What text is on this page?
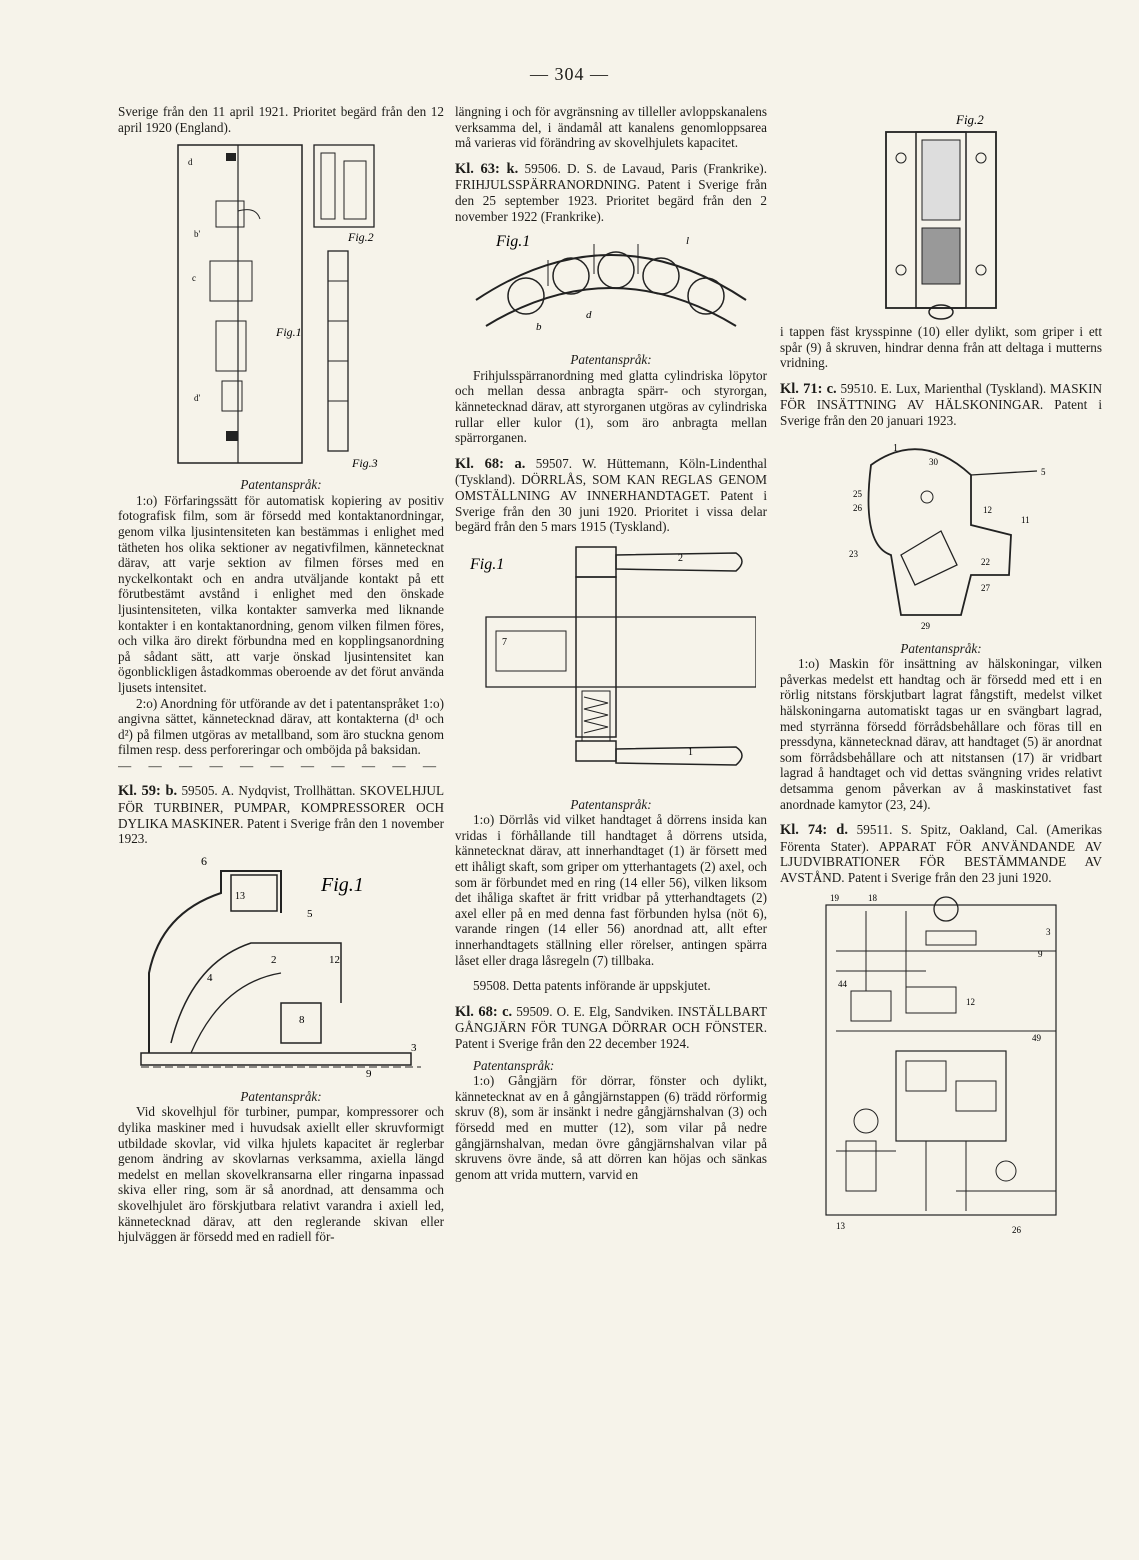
— 304 —

Sverige från den 11 april 1921. Prioritet begärd från den 12 april 1920 (England).

d
b'
c
d'
Fig.2
Fig.1
Fig.3

Patentanspråk:

1:o) Förfaringssätt för automatisk kopiering av positiv fotografisk film, som är försedd med kontaktanordningar, genom vilka ljusintensiteten kan bestämmas i enlighet med tätheten hos olika sektioner av negativfilmen, kännetecknat därav, att varje sektion av filmen förses med en nyckelkontakt och en andra utväljande kontakt på ett förutbestämt avstånd i enlighet med den önskade ljusintensiteten, vilka kontakter samverka med liknande kontakter i en kontaktanordning, genom vilken filmen föres, och vilka äro direkt förbundna med en kopplingsanordning på sådant sätt, att varje önskad ljusintensitet kan ögonblickligen åstadkommas oberoende av det förut använda ljusets intensitet.

2:o) Anordning för utförande av det i patentanspråket 1:o) angivna sättet, kännetecknad därav, att kontakterna (d¹ och d²) på filmen utgöras av metallband, som äro stuckna genom filmen resp. dess perforeringar och omböjda på baksidan.

— — — — — — — — — — —

Kl. 59: b. 59505. A. Nydqvist, Trollhättan. SKOVELHJUL FÖR TURBINER, PUMPAR, KOMPRESSORER OCH DYLIKA MASKINER. Patent i Sverige från den 1 november 1923.

6
13
5
2
4
12
8
9
3
Fig.1

Patentanspråk:

Vid skovelhjul för turbiner, pumpar, kompressorer och dylika maskiner med i huvudsak axiellt eller skruvformigt utbildade skovlar, vid vilka hjulets kapacitet är reglerbar genom ändring av skovlarnas verksamma, axiella längd medelst en mellan skovelkransarna eller ringarna inpassad skiva eller ring, som är så anordnad, att densamma och skovelhjulet äro förskjutbara relativt varandra i axiell led, kännetecknad därav, att den reglerande skivan eller hjulväggen är försedd med en radiell för-

längning i och för avgränsning av tilleller avloppskanalens verksamma del, i ändamål att kanalens genomloppsarea må varieras vid förändring av skovelhjulets kapacitet.

Kl. 63: k. 59506. D. S. de Lavaud, Paris (Frankrike). FRIHJULSSPÄRRANORDNING. Patent i Sverige från den 25 september 1923. Prioritet begärd från den 2 november 1922 (Frankrike).

Fig.1
b
d
l

Patentanspråk:

Frihjulsspärranordning med glatta cylindriska löpytor och mellan dessa anbragta spärr- och styrorgan, kännetecknad därav, att styrorganen utgöras av cylindriska rullar eller kulor (1), som äro anbragta mellan spärrorganen.

Kl. 68: a. 59507. W. Hüttemann, Köln-Lindenthal (Tyskland). DÖRRLÅS, SOM KAN REGLAS GENOM OMSTÄLLNING AV INNERHANDTAGET. Patent i Sverige från den 30 juni 1920. Prioritet i vissa delar begärd från den 5 mars 1915 (Tyskland).

Fig.1
7
1
2

Patentanspråk:

1:o) Dörrlås vid vilket handtaget å dörrens insida kan vridas i förhållande till handtaget å dörrens utsida, kännetecknat därav, att innerhandtaget (1) är försett med ett ihåligt skaft, som griper om ytterhantagets (2) axel, och som är förbundet med en ring (14 eller 56), vilken liksom det ihåliga skaftet är fritt vridbar på ytterhandtagets (2) axel eller på en med denna fast förbunden hylsa (nöt 6), varande ringen (14 eller 56) anordnad att, allt efter innerhandtagets ställning eller rörelser, antingen spärra låset eller draga låsregeln (7) tillbaka.

59508. Detta patents införande är uppskjutet.

Kl. 68: c. 59509. O. E. Elg, Sandviken. INSTÄLLBART GÅNGJÄRN FÖR TUNGA DÖRRAR OCH FÖNSTER. Patent i Sverige från den 22 december 1924.

Patentanspråk:

1:o) Gångjärn för dörrar, fönster och dylikt, kännetecknat av en å gångjärnstappen (6) trädd rörformig skruv (8), som är insänkt i nedre gångjärnshalvan (3) och försedd med en mutter (12), som vilar på nedre gångjärnshalvan, medan övre gångjärnshalvan vilar på skruvens övre ände, så att dörren kan höjas och sänkas genom att vrida muttern, varvid en

Fig.2

i tappen fäst krysspinne (10) eller dylikt, som griper i ett spår (9) å skruven, hindrar denna från att deltaga i mutterns vridning.

Kl. 71: c. 59510. E. Lux, Marienthal (Tyskland). MASKIN FÖR INSÄTTNING AV HÄLSKONINGAR. Patent i Sverige från den 20 januari 1923.

1
30
25
26	12
11
23
22
27
29
5

Patentanspråk:

1:o) Maskin för insättning av hälskoningar, vilken påverkas medelst ett handtag och är försedd med ett i en rörlig nitstans förskjutbart lagrat fångstift, medelst vilket hälskoningarna automatiskt tagas ur en svängbart lagrad, med styrränna försedd förrådsbehållare och föras till en pressdyna, kännetecknad därav, att handtaget (5) är anordnat som förrådsbehållare och att nitstansen (17) är vridbart lagrad å handtaget och vid dettas svängning vrides relativt detsamma genom påverkan av å maskinstativet fast anordnade kamytor (23, 24).

Kl. 74: d. 59511. S. Spitz, Oakland, Cal. (Amerikas Förenta Stater). APPARAT FÖR ANVÄNDANDE AV LJUDVIBRATIONER FÖR BESTÄMMANDE AV AVSTÅND. Patent i Sverige från den 23 juni 1920.

19	18
3
9
44
12
49
13	26
